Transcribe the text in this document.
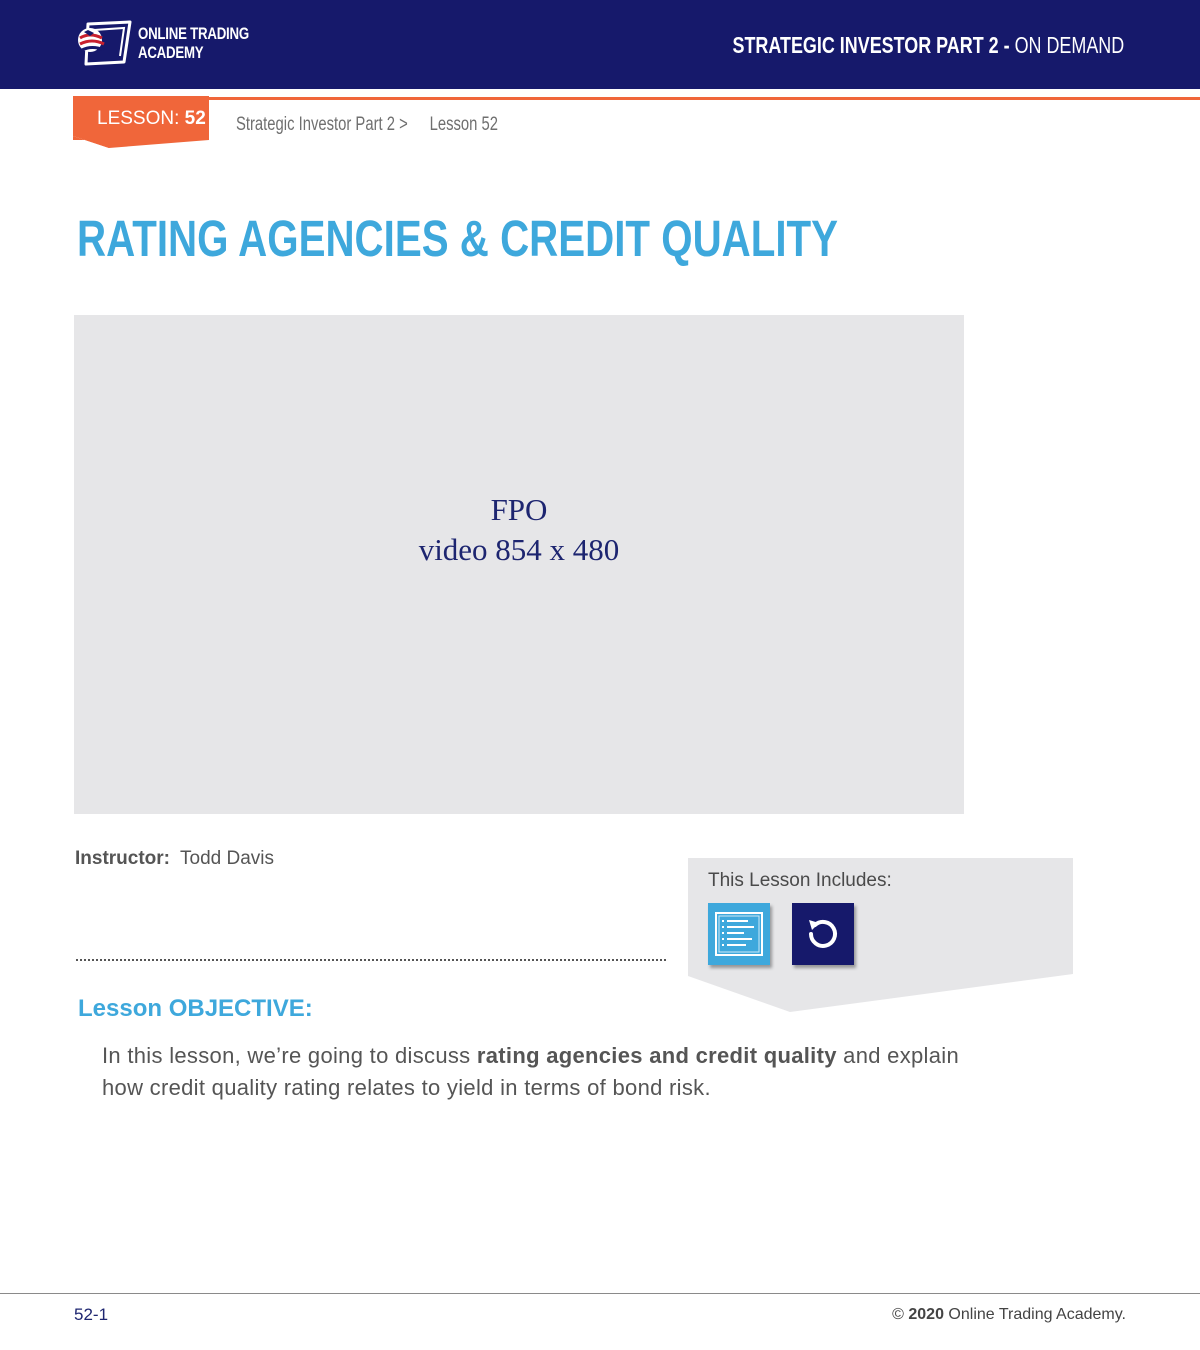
ONLINE TRADING
ACADEMY	STRATEGIC INVESTOR PART 2 - ON DEMAND
LESSON: 52 Strategic Investor Part 2 > Lesson 52
RATING AGENCIES & CREDIT QUALITY
FPO
video 854 x 480
Instructor: Todd Davis
This Lesson Includes:
Lesson OBJECTIVE:

In this lesson, we’re going to discuss rating agencies and credit quality and explain how credit quality rating relates to yield in terms of bond risk.

52-1	© 2020 Online Trading Academy.
